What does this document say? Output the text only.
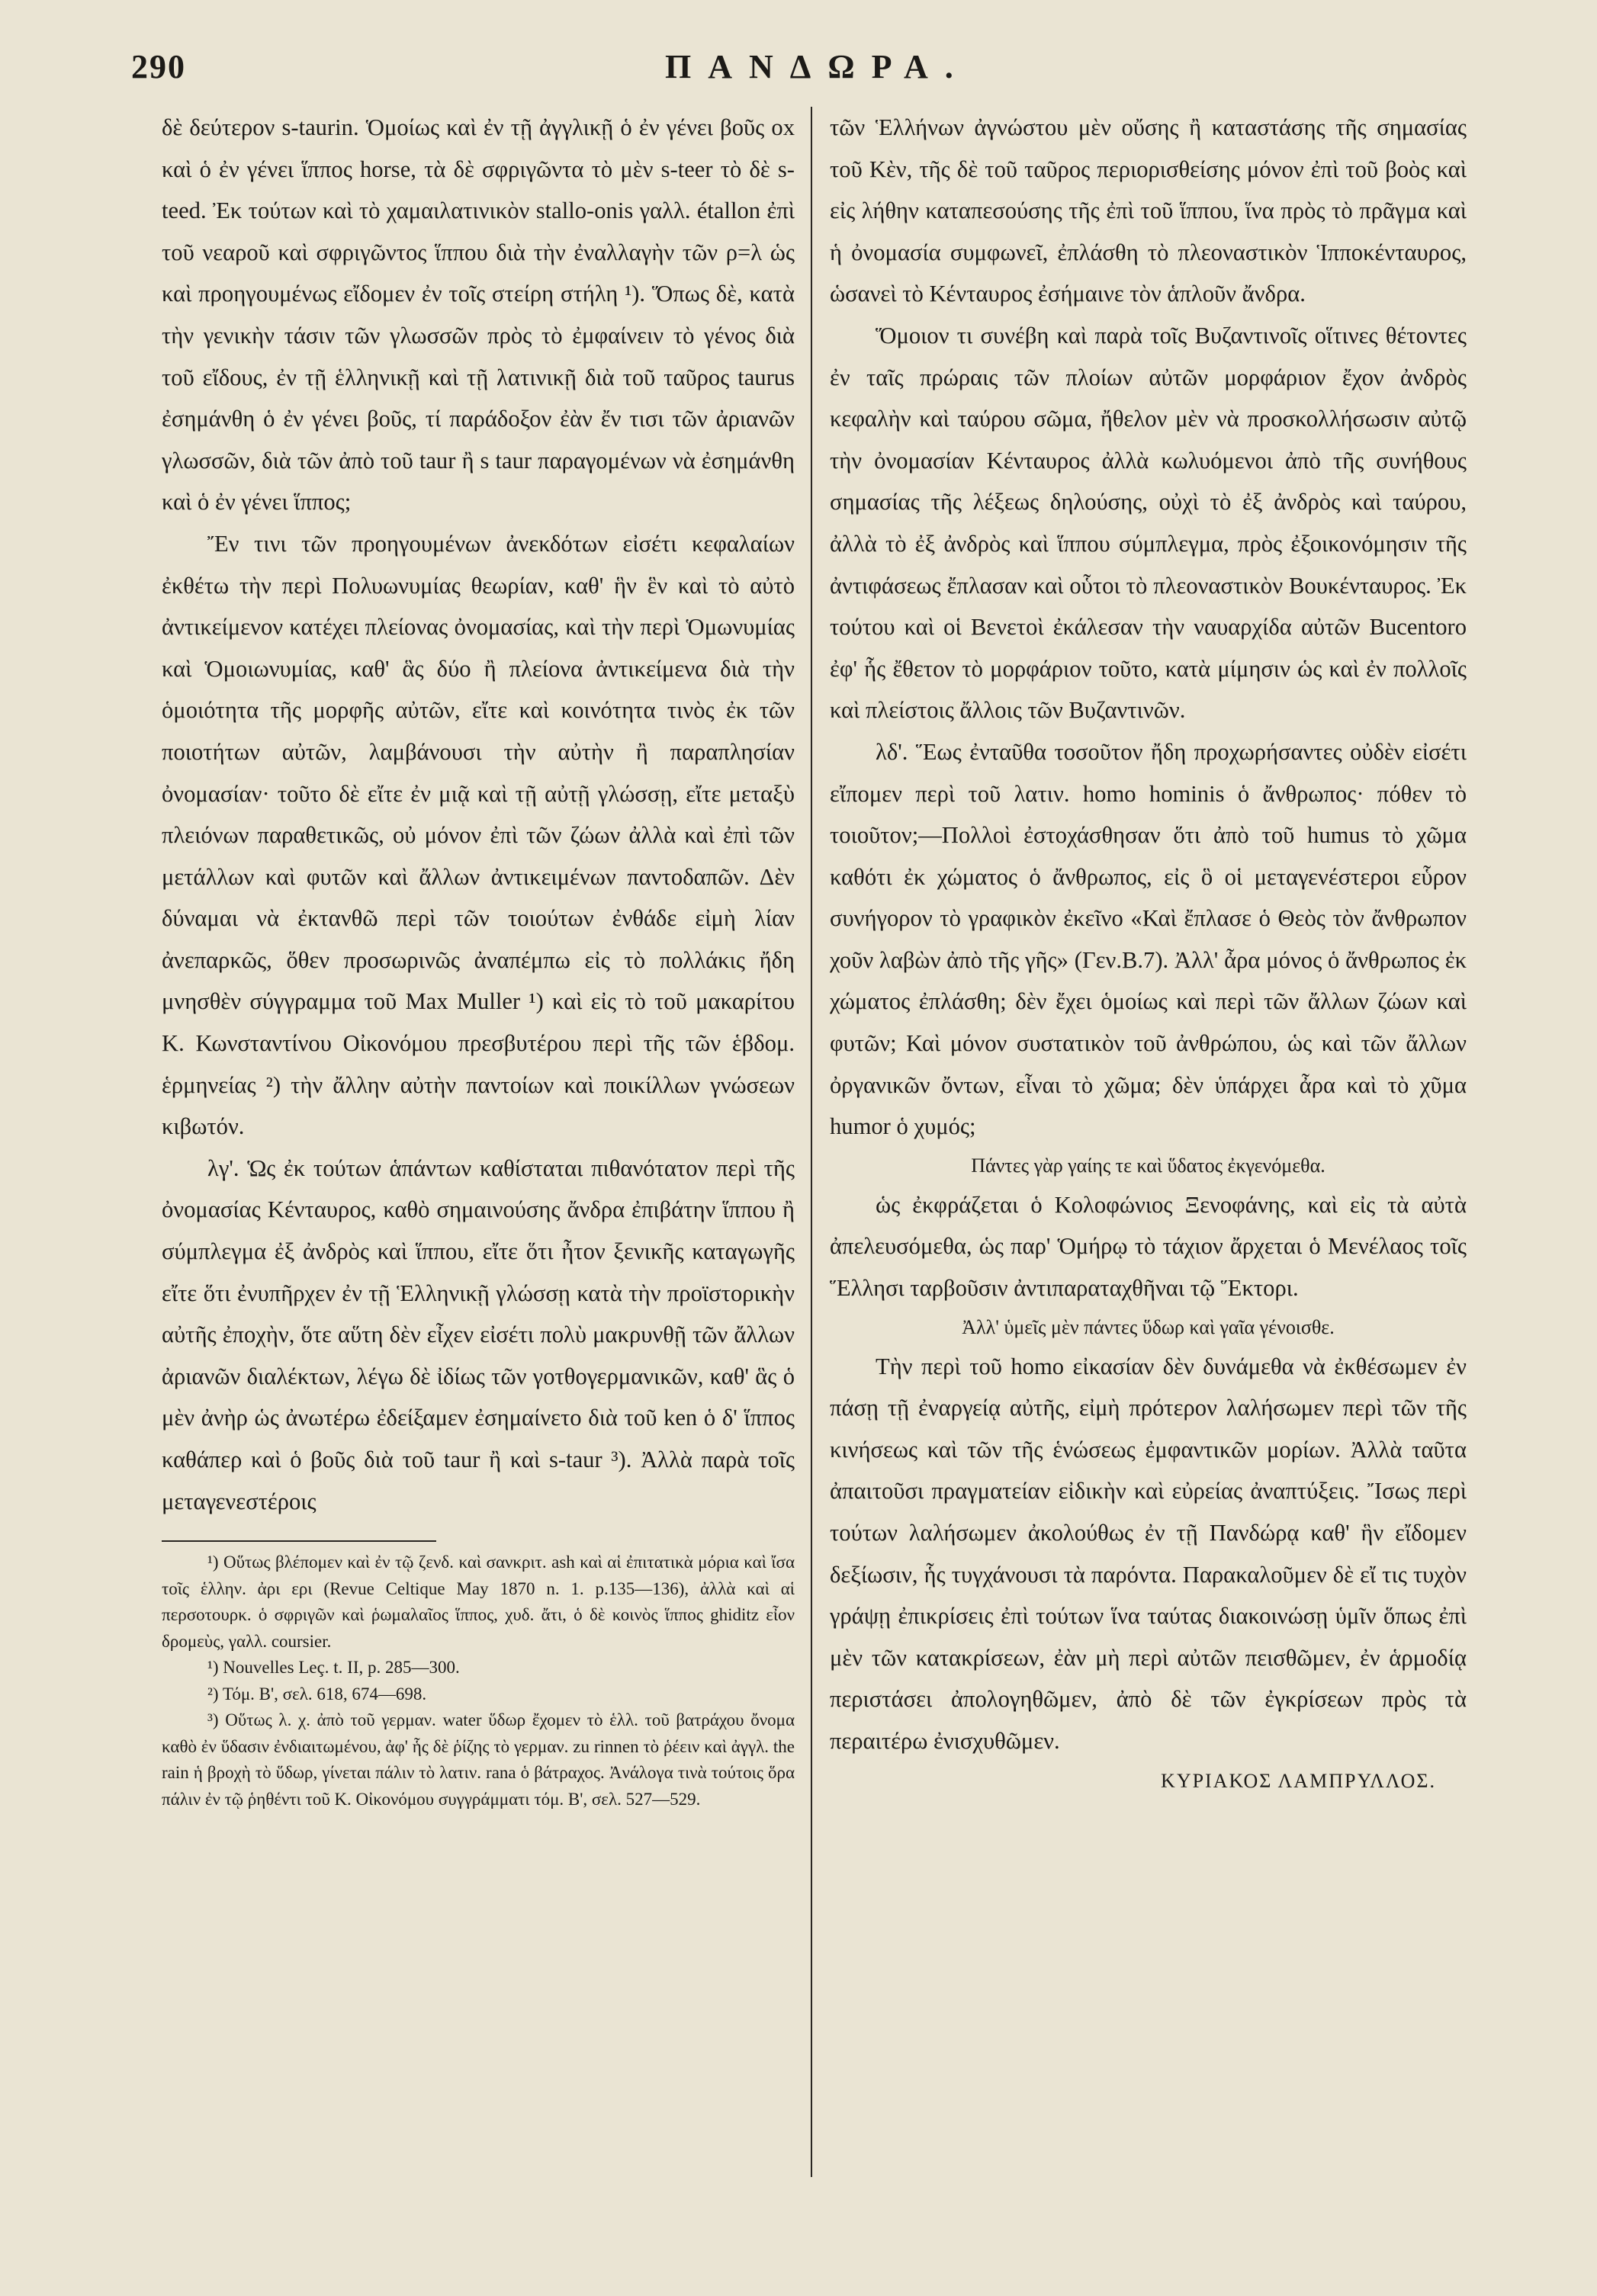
290	ΠΑΝΔΩΡΑ.

δὲ δεύτερον s-taurin. Ὁμοίως καὶ ἐν τῇ ἀγγλικῇ ὁ ἐν γένει βοῦς ox καὶ ὁ ἐν γένει ἵππος horse, τὰ δὲ σφριγῶντα τὸ μὲν s-teer τὸ δὲ s-teed. Ἐκ τούτων καὶ τὸ χαμαιλατινικὸν stallo-onis γαλλ. étallon ἐπὶ τοῦ νεαροῦ καὶ σφριγῶντος ἵππου διὰ τὴν ἐναλλαγὴν τῶν ρ=λ ὡς καὶ προηγουμένως εἴδομεν ἐν τοῖς στείρη στήλη ¹). Ὅπως δὲ, κατὰ τὴν γενικὴν τάσιν τῶν γλωσσῶν πρὸς τὸ ἐμφαίνειν τὸ γένος διὰ τοῦ εἴδους, ἐν τῇ ἑλληνικῇ καὶ τῇ λατινικῇ διὰ τοῦ ταῦρος taurus ἐσημάνθη ὁ ἐν γένει βοῦς, τί παράδοξον ἐὰν ἔν τισι τῶν ἀριανῶν γλωσσῶν, διὰ τῶν ἀπὸ τοῦ taur ἢ s taur παραγομένων νὰ ἐσημάνθη καὶ ὁ ἐν γένει ἵππος;

Ἔν τινι τῶν προηγουμένων ἀνεκδότων εἰσέτι κεφαλαίων ἐκθέτω τὴν περὶ Πολυωνυμίας θεωρίαν, καθ' ἣν ἓν καὶ τὸ αὐτὸ ἀντικείμενον κατέχει πλείονας ὀνομασίας, καὶ τὴν περὶ Ὁμωνυμίας καὶ Ὁμοιωνυμίας, καθ' ἃς δύο ἢ πλείονα ἀντικείμενα διὰ τὴν ὁμοιότητα τῆς μορφῆς αὐτῶν, εἴτε καὶ κοινότητα τινὸς ἐκ τῶν ποιοτήτων αὐτῶν, λαμβάνουσι τὴν αὐτὴν ἢ παραπλησίαν ὀνομασίαν· τοῦτο δὲ εἴτε ἐν μιᾷ καὶ τῇ αὐτῇ γλώσσῃ, εἴτε μεταξὺ πλειόνων παραθετικῶς, οὐ μόνον ἐπὶ τῶν ζώων ἀλλὰ καὶ ἐπὶ τῶν μετάλλων καὶ φυτῶν καὶ ἄλλων ἀντικειμένων παντοδαπῶν. Δὲν δύναμαι νὰ ἐκτανθῶ περὶ τῶν τοιούτων ἐνθάδε εἰμὴ λίαν ἀνεπαρκῶς, ὅθεν προσωρινῶς ἀναπέμπω εἰς τὸ πολλάκις ἤδη μνησθὲν σύγγραμμα τοῦ Max Muller ¹) καὶ εἰς τὸ τοῦ μακαρίτου Κ. Κωνσταντίνου Οἰκονόμου πρεσβυτέρου περὶ τῆς τῶν ἑβδομ. ἑρμηνείας ²) τὴν ἄλλην αὐτὴν παντοίων καὶ ποικίλλων γνώσεων κιβωτόν.

λγ'. Ὡς ἐκ τούτων ἁπάντων καθίσταται πιθανότατον περὶ τῆς ὀνομασίας Κένταυρος, καθὸ σημαινούσης ἄνδρα ἐπιβάτην ἵππου ἢ σύμπλεγμα ἐξ ἀνδρὸς καὶ ἵππου, εἴτε ὅτι ἦτον ξενικῆς καταγωγῆς εἴτε ὅτι ἐνυπῆρχεν ἐν τῇ Ἑλληνικῇ γλώσσῃ κατὰ τὴν προϊστορικὴν αὐτῆς ἐποχὴν, ὅτε αὕτη δὲν εἶχεν εἰσέτι πολὺ μακρυνθῇ τῶν ἄλλων ἀριανῶν διαλέκτων, λέγω δὲ ἰδίως τῶν γοτθογερμανικῶν, καθ' ἃς ὁ μὲν ἀνὴρ ὡς ἀνωτέρω ἐδείξαμεν ἐσημαίνετο διὰ τοῦ ken ὁ δ' ἵππος καθάπερ καὶ ὁ βοῦς διὰ τοῦ taur ἢ καὶ s-taur ³). Ἀλλὰ παρὰ τοῖς μεταγενεστέροις

¹) Οὕτως βλέπομεν καὶ ἐν τῷ ζενδ. καὶ σανκριτ. ash καὶ αἱ ἐπιτατικὰ μόρια καὶ ἴσα τοῖς ἑλλην. ἀρι ερι (Revue Celtique May 1870 n. 1. p.135—136), ἀλλὰ καὶ αἱ περσοτουρκ. ὁ σφριγῶν καὶ ῥωμαλαῖος ἵππος, χυδ. ἄτι, ὁ δὲ κοινὸς ἵππος ghiditz εἶον δρομεὺς, γαλλ. coursier.

¹) Nouvelles Leç. t. II, p. 285—300.

²) Τόμ. Β', σελ. 618, 674—698.

³) Οὕτως λ. χ. ἀπὸ τοῦ γερμαν. water ὕδωρ ἔχομεν τὸ ἑλλ. τοῦ βατράχου ὄνομα καθὸ ἐν ὕδασιν ἐνδιαιτωμένου, ἀφ' ἧς δὲ ῥίζης τὸ γερμαν. zu rinnen τὸ ῥέειν καὶ ἀγγλ. the rain ἡ βροχὴ τὸ ὕδωρ, γίνεται πάλιν τὸ λατιν. rana ὁ βάτραχος. Ἀνάλογα τινὰ τούτοις ὅρα πάλιν ἐν τῷ ῥηθέντι τοῦ Κ. Οἰκονόμου συγγράμματι τόμ. Β', σελ. 527—529.

τῶν Ἑλλήνων ἀγνώστου μὲν οὔσης ἢ καταστάσης τῆς σημασίας τοῦ Κὲν, τῆς δὲ τοῦ ταῦρος περιορισθείσης μόνον ἐπὶ τοῦ βοὸς καὶ εἰς λήθην καταπεσούσης τῆς ἐπὶ τοῦ ἵππου, ἵνα πρὸς τὸ πρᾶγμα καὶ ἡ ὀνομασία συμφωνεῖ, ἐπλάσθη τὸ πλεοναστικὸν Ἱπποκένταυρος, ὡσανεὶ τὸ Κένταυρος ἐσήμαινε τὸν ἁπλοῦν ἄνδρα.

Ὅμοιον τι συνέβη καὶ παρὰ τοῖς Βυζαντινοῖς οἵτινες θέτοντες ἐν ταῖς πρώραις τῶν πλοίων αὐτῶν μορφάριον ἔχον ἀνδρὸς κεφαλὴν καὶ ταύρου σῶμα, ἤθελον μὲν νὰ προσκολλήσωσιν αὐτῷ τὴν ὀνομασίαν Κένταυρος ἀλλὰ κωλυόμενοι ἀπὸ τῆς συνήθους σημασίας τῆς λέξεως δηλούσης, οὐχὶ τὸ ἐξ ἀνδρὸς καὶ ταύρου, ἀλλὰ τὸ ἐξ ἀνδρὸς καὶ ἵππου σύμπλεγμα, πρὸς ἐξοικονόμησιν τῆς ἀντιφάσεως ἔπλασαν καὶ οὗτοι τὸ πλεοναστικὸν Βουκένταυρος. Ἐκ τούτου καὶ οἱ Βενετοὶ ἐκάλεσαν τὴν ναυαρχίδα αὐτῶν Bucentoro ἐφ' ἧς ἔθετον τὸ μορφάριον τοῦτο, κατὰ μίμησιν ὡς καὶ ἐν πολλοῖς καὶ πλείστοις ἄλλοις τῶν Βυζαντινῶν.

λδ'. Ἕως ἐνταῦθα τοσοῦτον ἤδη προχωρήσαντες οὐδὲν εἰσέτι εἴπομεν περὶ τοῦ λατιν. homo hominis ὁ ἄνθρωπος· πόθεν τὸ τοιοῦτον;—Πολλοὶ ἐστοχάσθησαν ὅτι ἀπὸ τοῦ humus τὸ χῶμα καθότι ἐκ χώματος ὁ ἄνθρωπος, εἰς ὃ οἱ μεταγενέστεροι εὗρον συνήγορον τὸ γραφικὸν ἐκεῖνο «Καὶ ἔπλασε ὁ Θεὸς τὸν ἄνθρωπον χοῦν λαβὼν ἀπὸ τῆς γῆς» (Γεν.Β.7). Ἀλλ' ἆρα μόνος ὁ ἄνθρωπος ἐκ χώματος ἐπλάσθη; δὲν ἔχει ὁμοίως καὶ περὶ τῶν ἄλλων ζώων καὶ φυτῶν; Καὶ μόνον συστατικὸν τοῦ ἀνθρώπου, ὡς καὶ τῶν ἄλλων ὀργανικῶν ὄντων, εἶναι τὸ χῶμα; δὲν ὑπάρχει ἆρα καὶ τὸ χῦμα humor ὁ χυμός;

Πάντες γὰρ γαίης τε καὶ ὕδατος ἐκγενόμεθα.

ὡς ἐκφράζεται ὁ Κολοφώνιος Ξενοφάνης, καὶ εἰς τὰ αὐτὰ ἀπελευσόμεθα, ὡς παρ' Ὁμήρῳ τὸ τάχιον ἄρχεται ὁ Μενέλαος τοῖς Ἕλλησι ταρβοῦσιν ἀντιπαραταχθῆναι τῷ Ἕκτορι.

Ἀλλ' ὑμεῖς μὲν πάντες ὕδωρ καὶ γαῖα γένοισθε.

Τὴν περὶ τοῦ homo εἰκασίαν δὲν δυνάμεθα νὰ ἐκθέσωμεν ἐν πάσῃ τῇ ἐναργείᾳ αὐτῆς, εἰμὴ πρότερον λαλήσωμεν περὶ τῶν τῆς κινήσεως καὶ τῶν τῆς ἑνώσεως ἐμφαντικῶν μορίων. Ἀλλὰ ταῦτα ἀπαιτοῦσι πραγματείαν εἰδικὴν καὶ εὐρείας ἀναπτύξεις. Ἴσως περὶ τούτων λαλήσωμεν ἀκολούθως ἐν τῇ Πανδώρᾳ καθ' ἣν εἴδομεν δεξίωσιν, ἧς τυγχάνουσι τὰ παρόντα. Παρακαλοῦμεν δὲ εἴ τις τυχὸν γράψῃ ἐπικρίσεις ἐπὶ τούτων ἵνα ταύτας διακοινώσῃ ὑμῖν ὅπως ἐπὶ μὲν τῶν κατακρίσεων, ἐὰν μὴ περὶ αὐτῶν πεισθῶμεν, ἐν ἁρμοδίᾳ περιστάσει ἀπολογηθῶμεν, ἀπὸ δὲ τῶν ἐγκρίσεων πρὸς τὰ περαιτέρω ἐνισχυθῶμεν.

ΚΥΡΙΑΚΟΣ ΛΑΜΠΡΥΛΛΟΣ.
